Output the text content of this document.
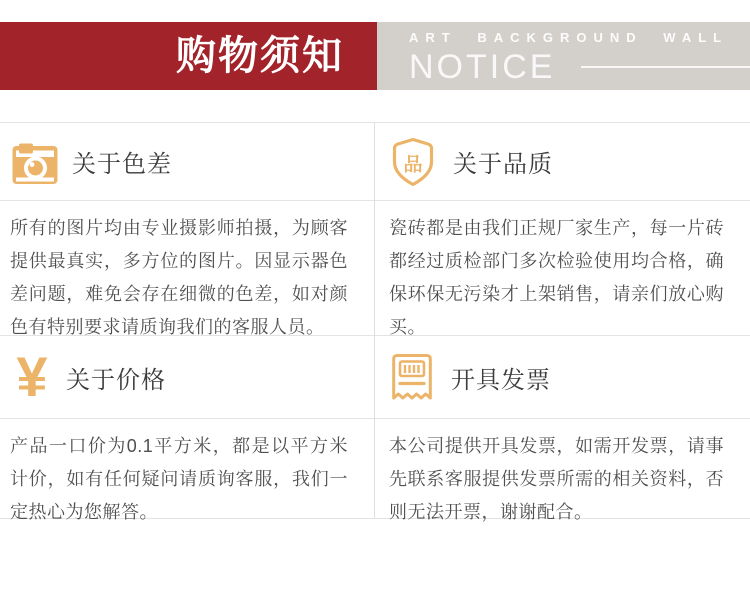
购物须知	ART BACKGROUND WALL
NOTICE
关于色差	品 关于品质
所有的图片均由专业摄影师拍摄，为顾客提供最真实，多方位的图片。因显示器色差问题，难免会存在细微的色差，如对颜色有特别要求请质询我们的客服人员。
瓷砖都是由我们正规厂家生产，每一片砖都经过质检部门多次检验使用均合格，确保环保无污染才上架销售，请亲们放心购买。
¥ 关于价格	开具发票
产品一口价为0.1平方米，都是以平方米计价，如有任何疑问请质询客服，我们一定热心为您解答。
本公司提供开具发票，如需开发票，请事先联系客服提供发票所需的相关资料，否则无法开票，谢谢配合。
